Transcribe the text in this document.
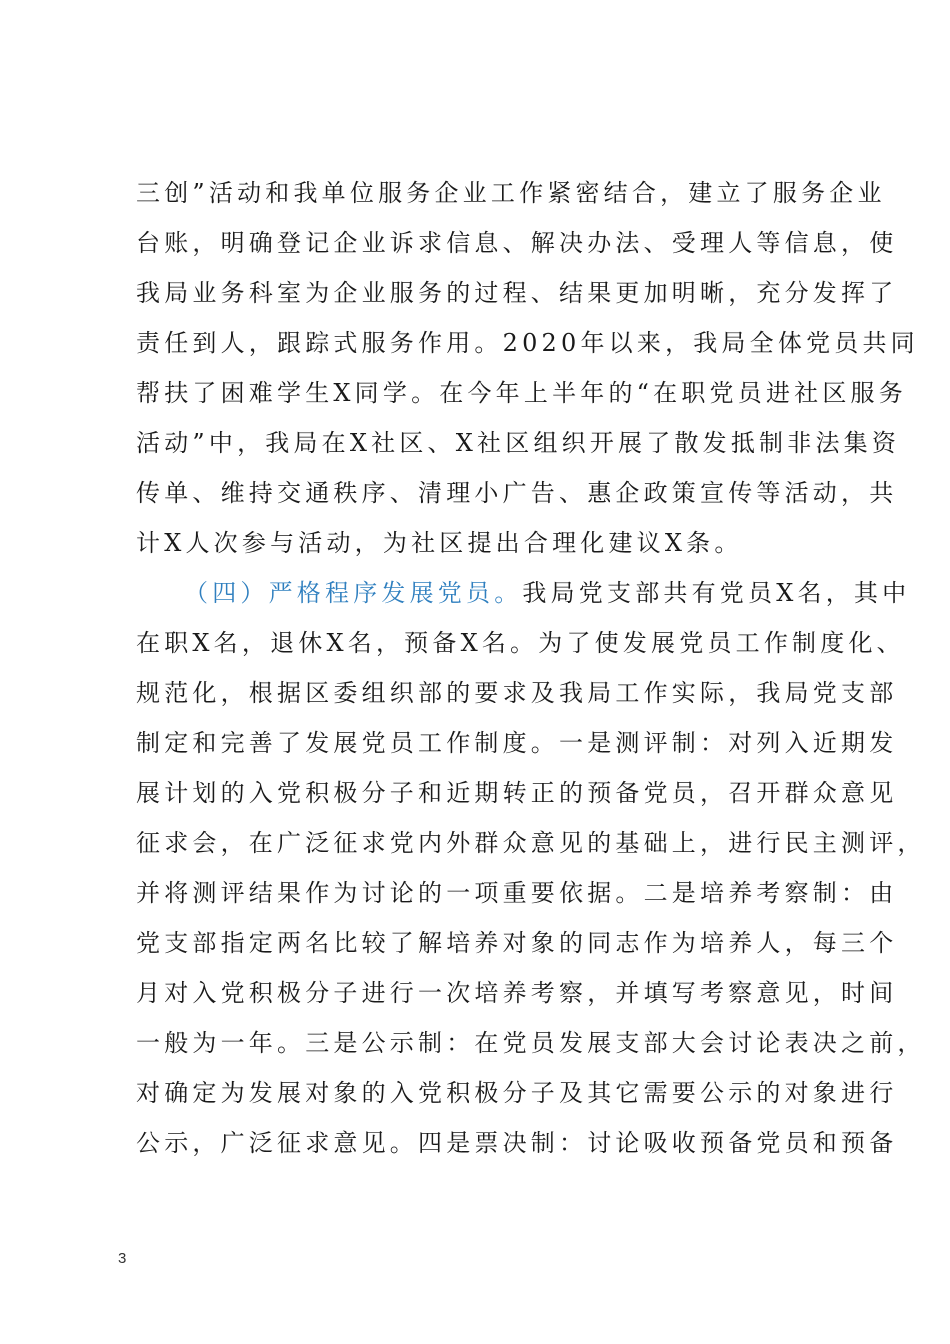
三创”活动和我单位服务企业工作紧密结合，建立了服务企业
台账，明确登记企业诉求信息、解决办法、受理人等信息，使
我局业务科室为企业服务的过程、结果更加明晰，充分发挥了
责任到人，跟踪式服务作用。2020年以来，我局全体党员共同
帮扶了困难学生X同学。在今年上半年的“在职党员进社区服务
活动”中，我局在X社区、X社区组织开展了散发抵制非法集资
传单、维持交通秩序、清理小广告、惠企政策宣传等活动，共
计X人次参与活动，为社区提出合理化建议X条。
（四）严格程序发展党员。我局党支部共有党员X名，其中
在职X名，退休X名，预备X名。为了使发展党员工作制度化、
规范化，根据区委组织部的要求及我局工作实际，我局党支部
制定和完善了发展党员工作制度。一是测评制：对列入近期发
展计划的入党积极分子和近期转正的预备党员，召开群众意见
征求会，在广泛征求党内外群众意见的基础上，进行民主测评，
并将测评结果作为讨论的一项重要依据。二是培养考察制：由
党支部指定两名比较了解培养对象的同志作为培养人，每三个
月对入党积极分子进行一次培养考察，并填写考察意见，时间
一般为一年。三是公示制：在党员发展支部大会讨论表决之前，
对确定为发展对象的入党积极分子及其它需要公示的对象进行
公示，广泛征求意见。四是票决制：讨论吸收预备党员和预备
3
